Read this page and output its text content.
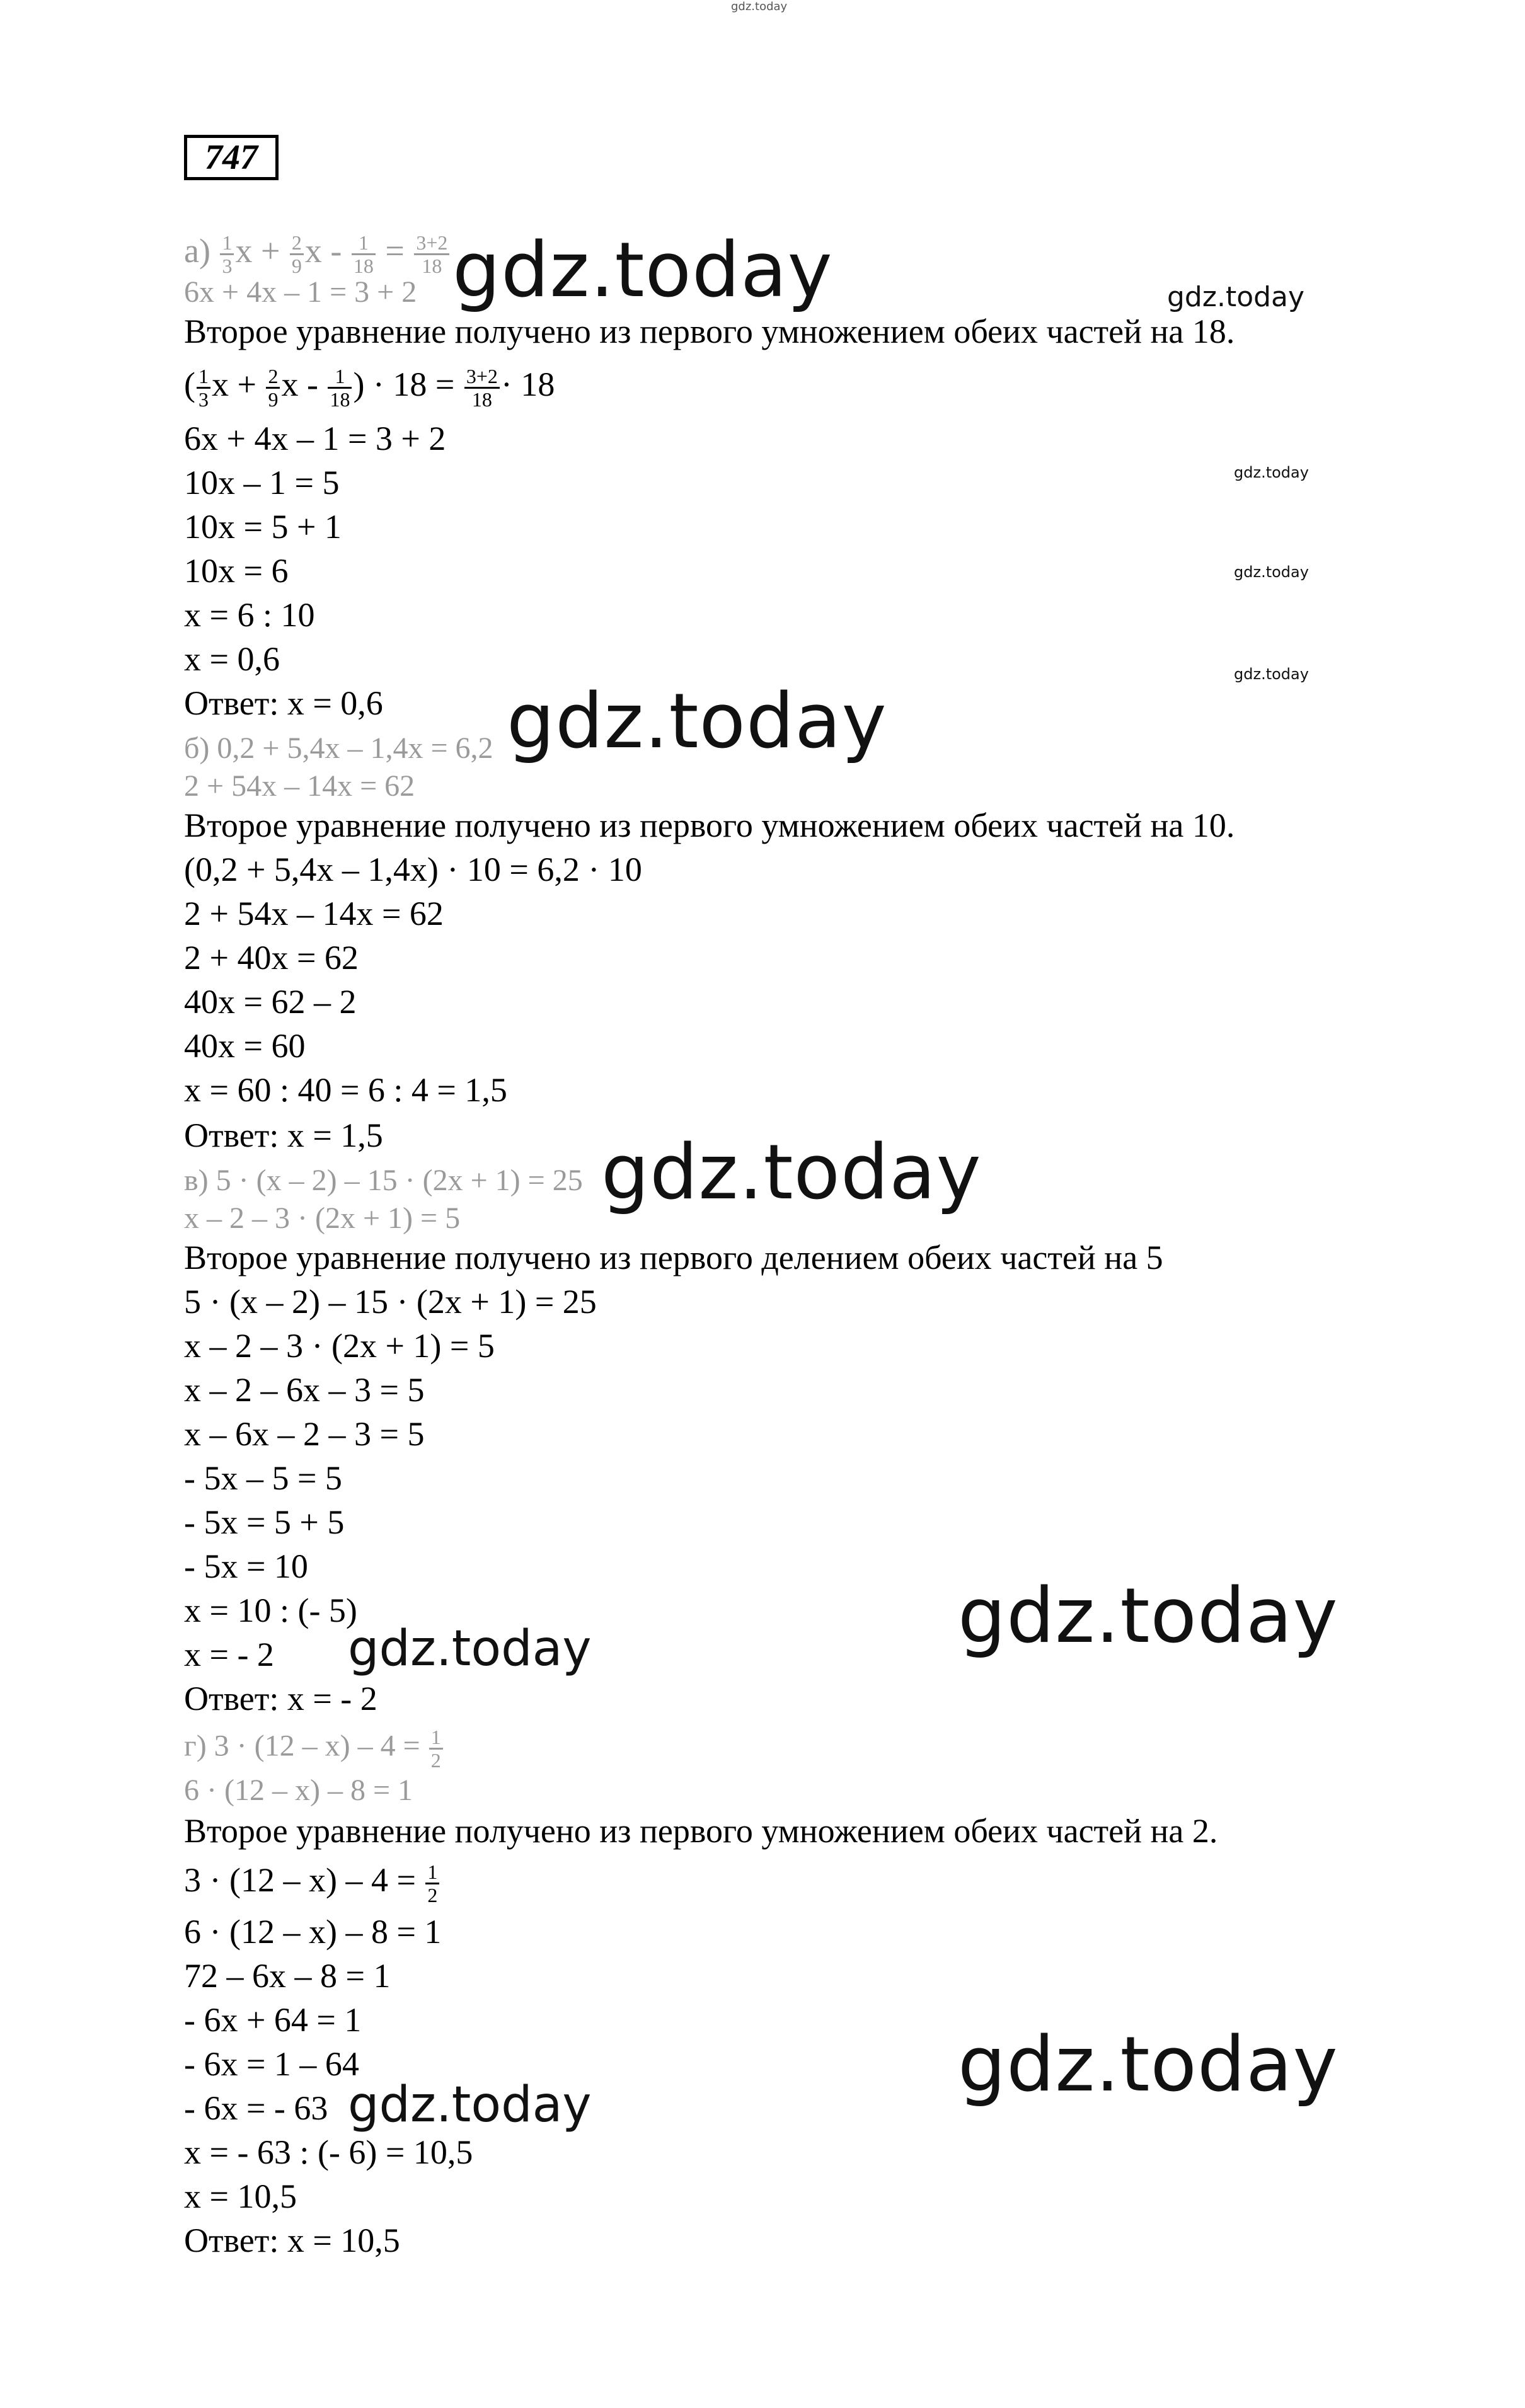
gdz.today
747
$а) \frac{1}{3}$ $x + \frac{2}{9}$ $x - \frac{1}{18} = \frac{3+2}{18}$
6x + 4x – 1 = 3 + 2
Второе уравнение получено из первого умножением обеих частей на 18.
( $\frac{1}{3}$ $x + \frac{2}{9}$ x - $\frac{1}{18}$ ) · $18 = \frac{3+2}{18} \cdot 18$
6x + 4x – 1 = 3 + 2
10x – 1 = 5
10x = 5 + 1
10x = 6
x = 6 : 10
x = 0,6
Ответ: x = 0,6
б) 0,2 + 5,4x – 1,4x = 6,2
2 + 54x – 14x = 62
Второе уравнение получено из первого умножением обеих частей на 10.
(0,2 + 5,4x – 1,4x) · 10 = 6,2 · 10
2 + 54x – 14x = 62
2 + 40x = 62
40x = 62 – 2
40x = 60
x = 60 : 40 = 6 : 4 = 1,5
Ответ: x = 1,5
в) 5 · (x – 2) – 15 · (2x + 1) = 25
x – 2 – 3 · (2x + 1) = 5
Второе уравнение получено из первого делением обеих частей на 5
5 · (x – 2) – 15 · (2x + 1) = 25
x – 2 – 3 · (2x + 1) = 5
x – 2 – 6x – 3 = 5
x – 6x – 2 – 3 = 5
- 5x – 5 = 5
- 5x = 5 + 5
- 5x = 10
x = 10 : (- 5)
x = - 2
Ответ: x = - 2
г) $3 \cdot (12 - x) - 4 = \frac{1}{2}$
6 · (12 – x) – 8 = 1
Второе уравнение получено из первого умножением обеих частей на 2.
$3 \cdot (12 - x) - 4 = \frac{1}{2}$
6 · (12 – x) – 8 = 1
72 – 6x – 8 = 1
- 6x + 64 = 1
- 6x = 1 – 64
- 6x = - 63
x = - 63 : (- 6) = 10,5
x = 10,5
Ответ: x = 10,5
gdz.today	gdz.today
gdz.today
gdz.today
gdz.today
gdz.today
gdz.today
gdz.today
gdz.today
gdz.today
gdz.today
